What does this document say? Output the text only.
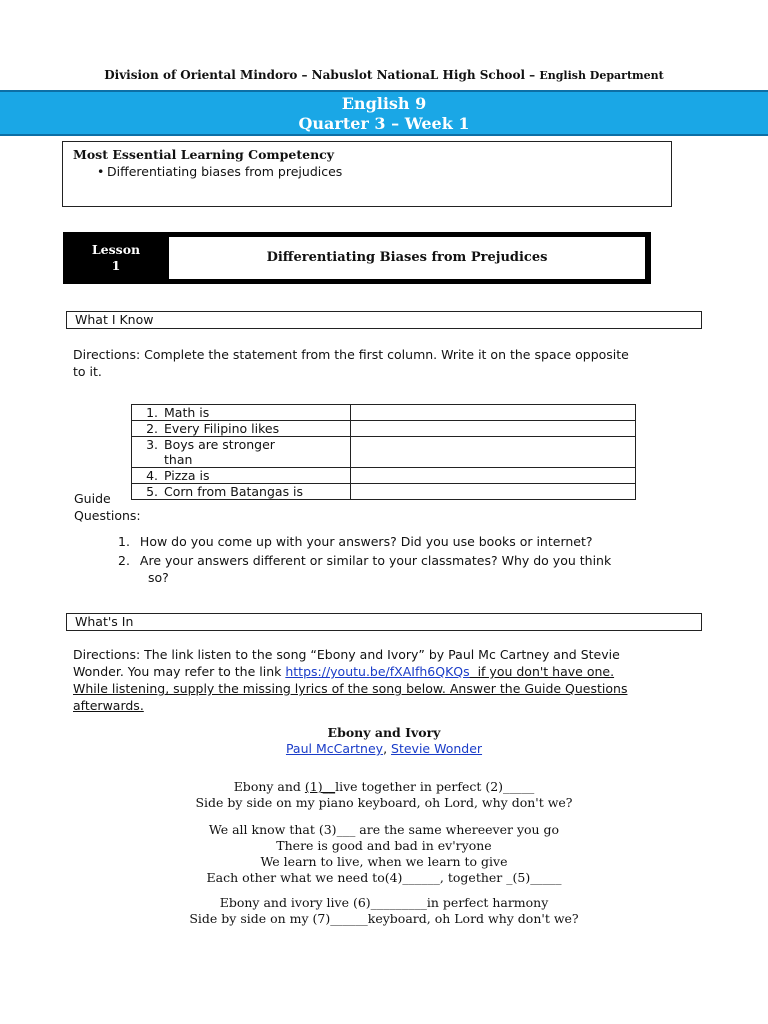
Division of Oriental Mindoro – Nabuslot NationaL High School – English Department
English 9
Quarter 3 – Week 1
Most Essential Learning Competency
• Differentiating biases from prejudices
Lesson
1
Differentiating Biases from Prejudices
What I Know
Directions: Complete the statement from the first column. Write it on the space opposite
to it.
1. Math is	
2. Every Filipino likes	
3. Boys are stronger
than	
4. Pizza is	
5. Corn from Batangas is	
Guide
Questions:
1. How do you come up with your answers? Did you use books or internet?
2. Are your answers different or similar to your classmates? Why do you think
so?
What's In
Directions: The link listen to the song “Ebony and Ivory” by Paul Mc Cartney and Stevie
Wonder. You may refer to the link https://youtu.be/fXAIfh6QKQs  if you don't have one.
While listening, supply the missing lyrics of the song below. Answer the Guide Questions
afterwards.
Ebony and Ivory
Paul McCartney, Stevie Wonder
Ebony and (1)__live together in perfect (2)_____
Side by side on my piano keyboard, oh Lord, why don't we?
We all know that (3)___ are the same whereever you go
There is good and bad in ev'ryone
We learn to live, when we learn to give
Each other what we need to(4)______, together _(5)_____
Ebony and ivory live (6)_________in perfect harmony
Side by side on my (7)______keyboard, oh Lord why don't we?
